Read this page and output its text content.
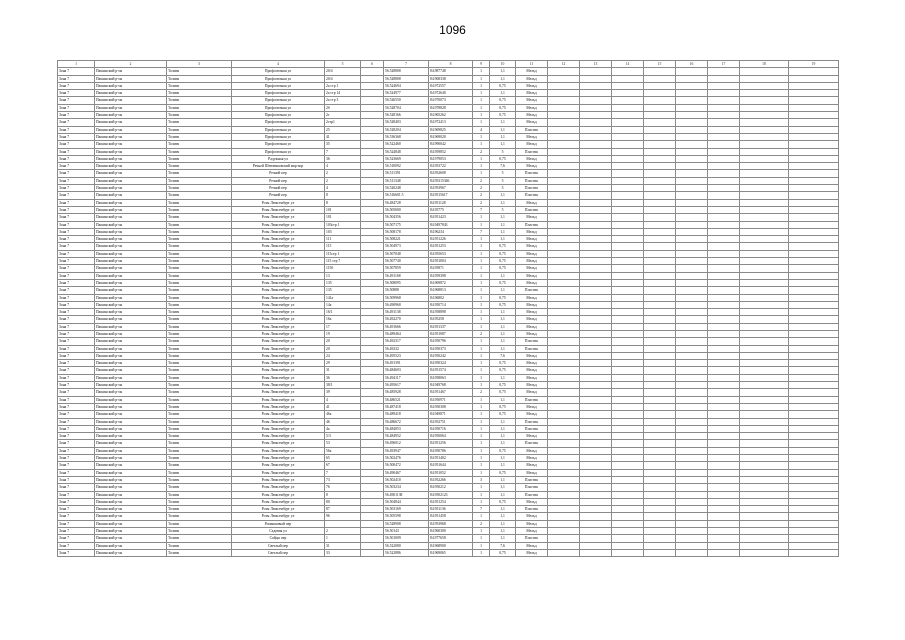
1096
1	2	3	4	5	6	7	8	9	10	11	12	13	14	15	16	17	18	19
Зона 7	Пашинский р-он	Толмач	Профсоюзная ул	20/4		56.528808	84.987748	1	1,1	Мельд								
Зона 7	Пашинский р-он	Толмач	Профсоюзная ул	20/4		56.528808	84.968338	1	1,1	Мельд								
Зона 7	Пашинский р-он	Толмач	Профсоюзная ул	2а стр 1		56.524694	84.972557	1	0,75	Мельд								
Зона 7	Пашинский р-он	Толмач	Профсоюзная ул	2а стр 14		56.524977	84.972640	1	1,1	Мельд								
Зона 7	Пашинский р-он	Толмач	Профсоюзная ул	2а стр 3		56.526550	84.970073	1	0,75	Мельд								
Зона 7	Пашинский р-он	Толмач	Профсоюзная ул	2б		56.528704	84.978828	1	0,75	Мельд								
Зона 7	Пашинский р-он	Толмач	Профсоюзная ул	2г		56.528166	84.965262	1	0,75	Мельд								
Зона 7	Пашинский р-он	Толмач	Профсоюзная ул	2стр1		56.528403	84.972413	1	1,1	Мельд								
Зона 7	Пашинский р-он	Толмач	Профсоюзная ул	25		56.528204	84.969825	4	1,1	Пластик								
Зона 7	Пашинский р-он	Толмач	Профсоюзная ул	41		56.536368	84.969020	1	1,1	Мельд								
Зона 7	Пашинский р-он	Толмач	Профсоюзная ул	35		56.522460	84.990042	1	1,1	Мельд								
Зона 7	Пашинский р-он	Толмач	Профсоюзная ул	7		56.524848	84.959852	2	5	Пластик								
Зона 7	Пашинский р-он	Толмач	Радужная ул	36		56.523669	84.979053	1	0,75	Мельд								
Зона 7	Пашинский р-он	Толмач	Речной Шевченковский мкр-кор	4		56.510092	84.953722	1	7,6	Мельд								
Зона 7	Пашинский р-он	Толмач	Речной пер	2		56.511391	84.952608	1	5	Пластик								
Зона 7	Пашинский р-он	Толмач	Речной пер	2		56.511348	84.95315346	2	5	Пластик								
Зона 7	Пашинский р-он	Толмач	Речной пер	4		56.520248	84.953967	2	5	Пластик								
Зона 7	Пашинский р-он	Толмач	Речной пер	8		56.516601.5	84.9515617	2	1,1	Пластик								
Зона 7	Пашинский р-он	Толмач	Розы Люксембург ул	8		56.484728	84.951128	2	1,1	Мельд								
Зона 7	Пашинский р-он	Толмач	Розы Люксембург ул	101		56.505000	84.95775	7	5	Пластик								
Зона 7	Пашинский р-он	Толмач	Розы Люксембург ул	101		56.504356	84.951423	1	1,1	Мельд								
Зона 7	Пашинский р-он	Толмач	Розы Люксембург ул	103стр 1		56.507175	84.9497843	1	1,1	Пластик								
Зона 7	Пашинский р-он	Толмач	Розы Люксембург ул	103		56.508178	84.96234	7	1,1	Мельд								
Зона 7	Пашинский р-он	Толмач	Розы Люксембург ул	111		56.508221	84.951226	1	1,1	Мельд								
Зона 7	Пашинский р-он	Толмач	Розы Люксембург ул	115		56.504973	84.951253	1	0,75	Мельд								
Зона 7	Пашинский р-он	Толмач	Розы Люксембург ул	115стр 1		56.507048	84.955653	1	0,75	Мельд								
Зона 7	Пашинский р-он	Толмач	Розы Люксембург ул	115 стр 7		56.507740	84.951004	1	0,75	Мельд								
Зона 7	Пашинский р-он	Толмач	Розы Люксембург ул	115б		56.507859	84.95871	1	0,75	Мельд								
Зона 7	Пашинский р-он	Толмач	Розы Люксембург ул	13		56.491168	84.959398	1	1,1	Мельд								
Зона 7	Пашинский р-он	Толмач	Розы Люксембург ул	135		56.508095	84.969872	1	0,75	Мельд								
Зона 7	Пашинский р-он	Толмач	Розы Люксембург ул	135		56.50888	84.968813	1	1,1	Пластик								
Зона 7	Пашинский р-он	Толмач	Розы Люксембург ул	141а		56.509968	84.96802	1	0,75	Мельд								
Зона 7	Пашинский р-он	Толмач	Розы Люксембург ул	14а		56.490960	84.950714	1	0,75	Мельд								
Зона 7	Пашинский р-он	Толмач	Розы Люксембург ул	16/1		56.491138	84.958898	1	1,1	Мельд								
Зона 7	Пашинский р-он	Толмач	Розы Люксембург ул	16а		56.492270	84.95258	1	1,1	Мельд								
Зона 7	Пашинский р-он	Толмач	Розы Люксембург ул	17		56.491666	84.951337	1	1,1	Мельд								
Зона 7	Пашинский р-он	Толмач	Розы Люксембург ул	19		56.489464	84.951087	2	1,1	Мельд								
Зона 7	Пашинский р-он	Толмач	Розы Люксембург ул	20		56.492317	84.950796	1	1,1	Пластик								
Зона 7	Пашинский р-он	Толмач	Розы Люксембург ул	20		56.49232	84.950373	1	1,1	Пластик								
Зона 7	Пашинский р-он	Толмач	Розы Люксембург ул	24		56.495523	84.950242	1	7,6	Мельд								
Зона 7	Пашинский р-он	Толмач	Розы Люксембург ул	29		56.491391	84.950324	1	0,75	Мельд								
Зона 7	Пашинский р-он	Толмач	Розы Люксембург ул	31		56.484603	84.951574	1	0,75	Мельд								
Зона 7	Пашинский р-он	Толмач	Розы Люксембург ул	36		56.494117	84.958063	1	1,1	Мельд								
Зона 7	Пашинский р-он	Толмач	Розы Люксембург ул	38/1		56.495617	84.949768	1	0,75	Мельд								
Зона 7	Пашинский р-он	Толмач	Розы Люксембург ул	39		56.485928	84.951467	2	0,75	Мельд								
Зона 7	Пашинский р-он	Толмач	Розы Люксембург ул	4		56.486521	84.950971	1	1,1	Пластик								
Зона 7	Пашинский р-он	Толмач	Розы Люксембург ул	41		56.487418	84.950308	1	0,75	Мельд								
Зона 7	Пашинский р-он	Толмач	Розы Люксембург ул	46а		56.489418	84.949871	1	0,75	Мельд								
Зона 7	Пашинский р-он	Толмач	Розы Люксембург ул	46		56.486672	84.952751	1	1,1	Пластик								
Зона 7	Пашинский р-он	Толмач	Розы Люксембург ул	4а		56.484053	84.950716	1	1,1	Пластик								
Зона 7	Пашинский р-он	Толмач	Розы Люксембург ул	5/3		56.484952	84.950064	1	1,1	Мельд								
Зона 7	Пашинский р-он	Толмач	Розы Люксембург ул	53		56.496012	84.951256	1	1,1	Пластик								
Зона 7	Пашинский р-он	Толмач	Розы Люксембург ул	56а		56.493947	84.950786	1	0,75	Мельд								
Зона 7	Пашинский р-он	Толмач	Розы Люксембург ул	65		56.502476	84.951402	1	1,1	Мельд								
Зона 7	Пашинский р-он	Толмач	Розы Люксембург ул	67		56.500472	84.951644	1	1,1	Мельд								
Зона 7	Пашинский р-он	Толмач	Розы Люксембург ул	7		56.490467	84.951052	1	0,75	Мельд								
Зона 7	Пашинский р-он	Толмач	Розы Люксембург ул	73		56.502410	84.952266	3	1,1	Пластик								
Зона 7	Пашинский р-он	Толмач	Розы Люксембург ул	76		56.503234	84.950212	1	1,1	Пластик								
Зона 7	Пашинский р-он	Толмач	Розы Люксембург ул	8		56.4901138	84.9502123	1	1,1	Пластик								
Зона 7	Пашинский р-он	Толмач	Розы Люксембург ул	80		56.504844	84.951254	1	0,75	Мельд								
Зона 7	Пашинский р-он	Толмач	Розы Люксембург ул	87		56.503169	84.951136	7	1,1	Пластик								
Зона 7	Пашинский р-он	Толмач	Розы Люксембург ул	96		56.505598	84.951458	1	1,1	Мельд								
Зона 7	Пашинский р-он	Толмач	Ромашковый пер			56.528908	84.953968	2	1,1	Мельд								
Зона 7	Пашинский р-он	Толмач	Садовая ул	2		56.50143	84.960300	1	1,1	Мельд								
Зона 7	Пашинский р-он	Толмач	Сайды пер	1		56.501009	84.977658	1	1,1	Пластик								
Зона 7	Пашинский р-он	Толмач	Светлый пер	31		56.522080	84.968900	1	7,6	Мельд								
Зона 7	Пашинский р-он	Толмач	Светлый пер	33		56.522886	84.969065	1	0,75	Мельд								
